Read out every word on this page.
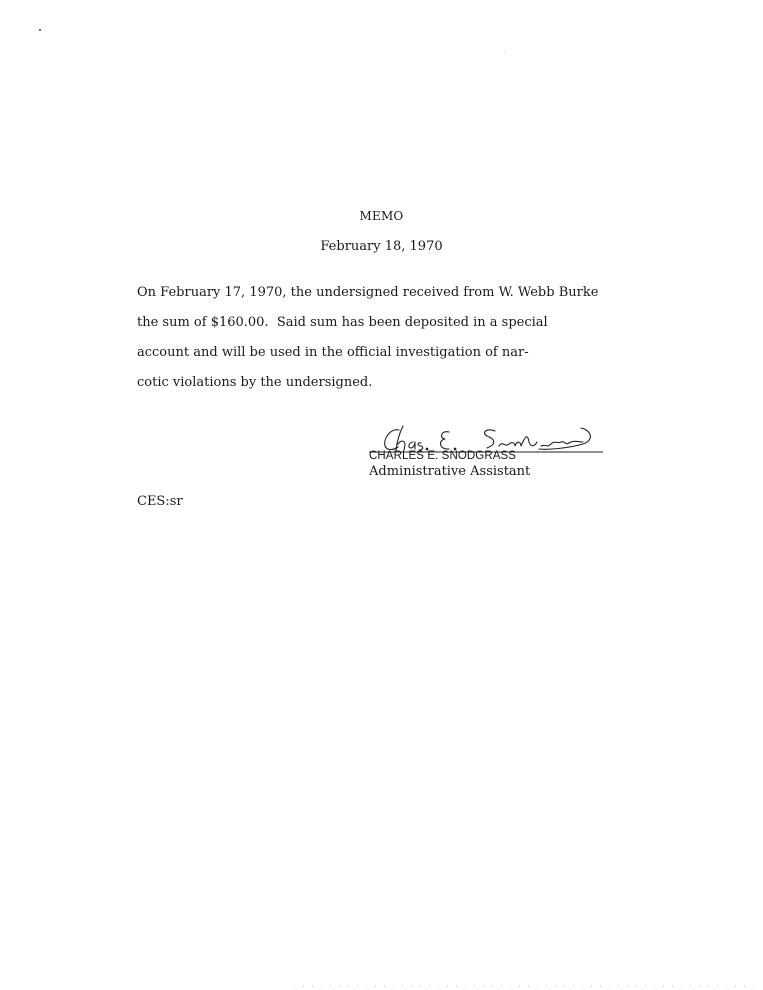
MEMO
February 18, 1970
On February 17, 1970, the undersigned received from W. Webb Burke
the sum of $160.00.  Said sum has been deposited in a special
account and will be used in the official investigation of nar-
cotic violations by the undersigned.
CHARLES E. SNODGRASS
Administrative Assistant
CES:sr
